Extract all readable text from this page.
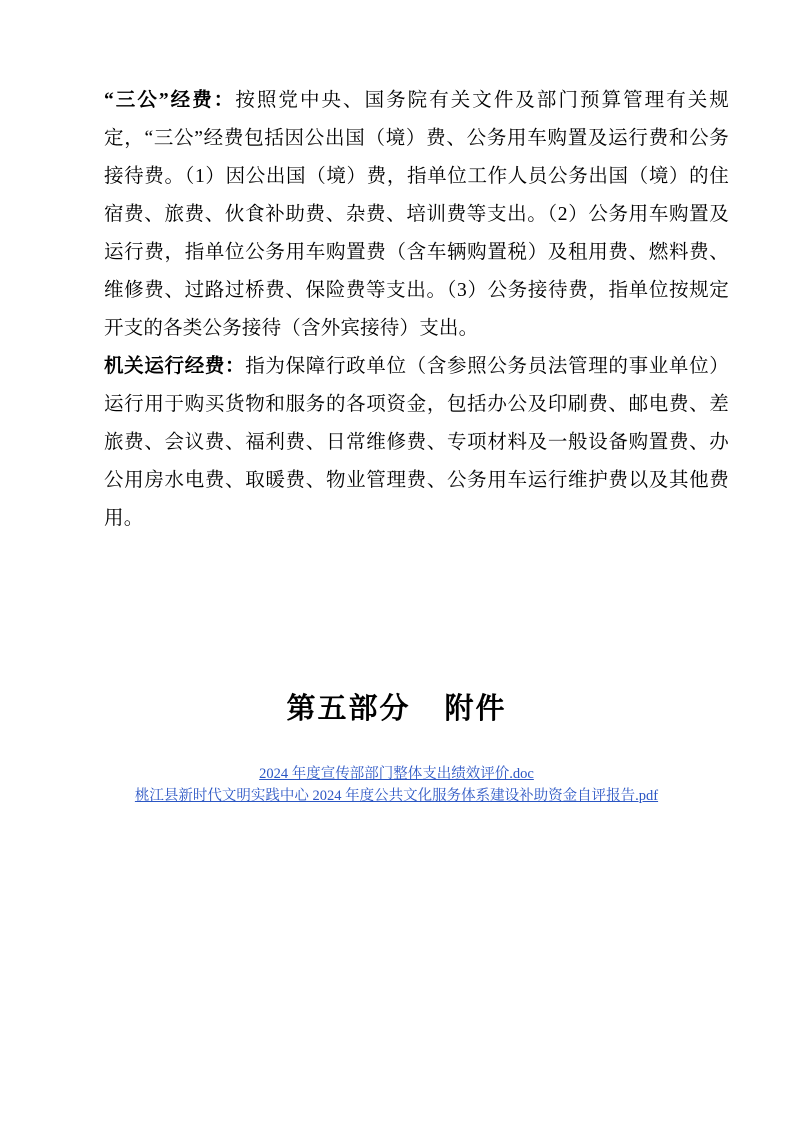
“三公”经费：按照党中央、国务院有关文件及部门预算管理有关规定，“三公”经费包括因公出国（境）费、公务用车购置及运行费和公务接待费。（1）因公出国（境）费，指单位工作人员公务出国（境）的住宿费、旅费、伙食补助费、杂费、培训费等支出。（2）公务用车购置及运行费，指单位公务用车购置费（含车辆购置税）及租用费、燃料费、维修费、过路过桥费、保险费等支出。（3）公务接待费，指单位按规定开支的各类公务接待（含外宾接待）支出。

机关运行经费：指为保障行政单位（含参照公务员法管理的事业单位）运行用于购买货物和服务的各项资金，包括办公及印刷费、邮电费、差旅费、会议费、福利费、日常维修费、专项材料及一般设备购置费、办公用房水电费、取暖费、物业管理费、公务用车运行维护费以及其他费用。

第五部分 附件
2024 年度宣传部部门整体支出绩效评价.doc
桃江县新时代文明实践中心 2024 年度公共文化服务体系建设补助资金自评报告.pdf
